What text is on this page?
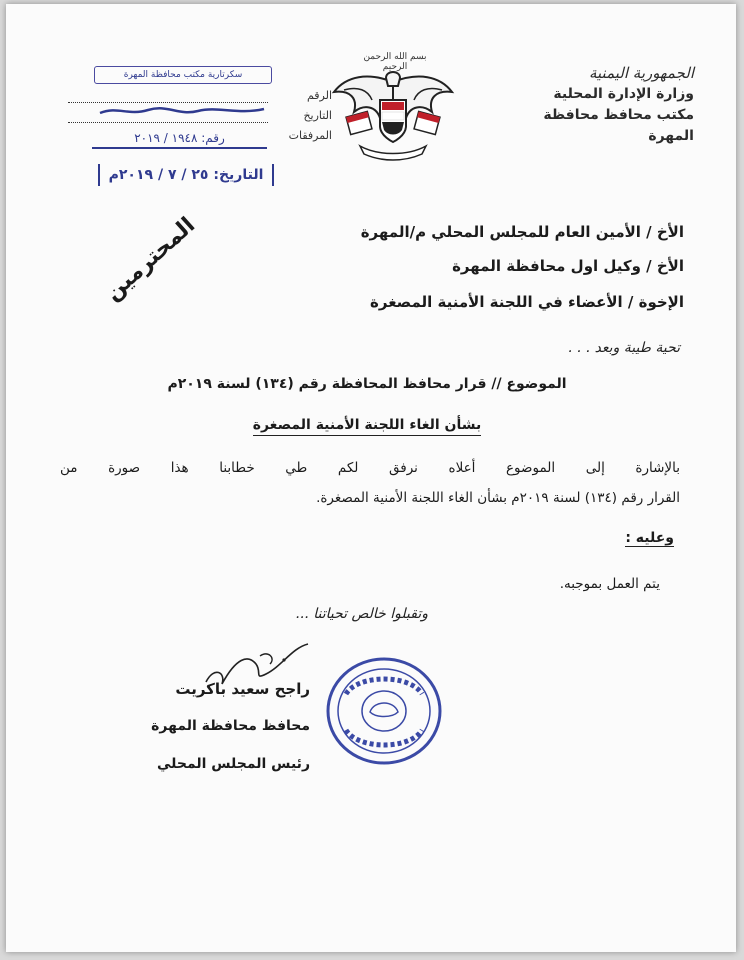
الجمهورية اليمنية
وزارة الإدارة المحلية
مكتب محافظ محافظة المهرة
بسم الله الرحمن الرحيم
الرقم
التاريخ
المرفقات
سكرتارية مكتب محافظة المهرة
رقم: ١٩٤٨ / ٢٠١٩
التاريخ: ٢٥ / ٧ / ٢٠١٩م
الأخ / الأمين العام للمجلس المحلي م/المهرة
الأخ / وكيل اول محافظة المهرة
الإخوة / الأعضاء في اللجنة الأمنية المصغرة
المحترمين
تحية طيبة وبعد . . .
الموضوع // قرار محافظ المحافظة رقم (١٣٤) لسنة ٢٠١٩م
بشأن الغاء اللجنة الأمنية المصغرة
بالإشارة إلى الموضوع أعلاه نرفق لكم طي خطابنا هذا صورة من
القرار رقم (١٣٤) لسنة ٢٠١٩م بشأن الغاء اللجنة الأمنية المصغرة.
وعليه :
يتم العمل بموجبه.
وتقبلوا خالص تحياتنا ...
راجح سعيد باكريت
محافظ محافظة المهرة
رئيس المجلس المحلي
